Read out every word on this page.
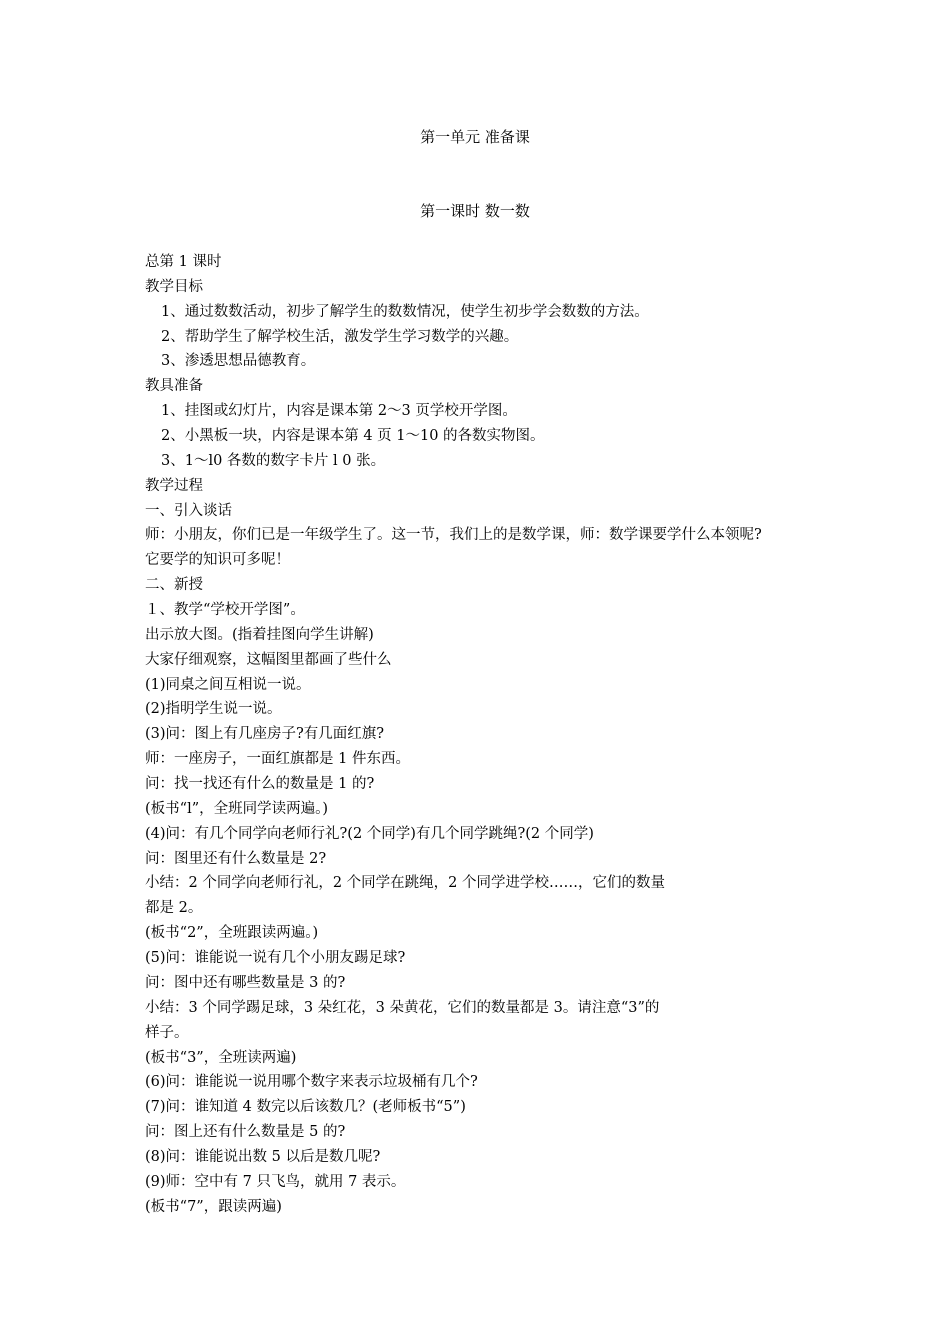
第一单元 准备课
第一课时 数一数
总第 1 课时
教学目标
1、通过数数活动，初步了解学生的数数情况，使学生初步学会数数的方法。
2、帮助学生了解学校生活，激发学生学习数学的兴趣。
3、渗透思想品德教育。
教具准备
1、挂图或幻灯片，内容是课本第 2～3 页学校开学图。
2、小黑板一块，内容是课本第 4 页 1～10 的各数实物图。
3、1～l0 各数的数字卡片 l 0 张。
教学过程
一、引入谈话
师：小朋友，你们已是一年级学生了。这一节，我们上的是数学课，师：数学课要学什么本领呢?
它要学的知识可多呢！
二、新授
１、教学“学校开学图”。
出示放大图。(指着挂图向学生讲解)
大家仔细观察，这幅图里都画了些什么
(1)同桌之间互相说一说。
(2)指明学生说一说。
(3)问：图上有几座房子?有几面红旗?
师：一座房子，一面红旗都是 1 件东西。
问：找一找还有什么的数量是 1 的?
(板书“l”，全班同学读两遍。)
(4)问：有几个同学向老师行礼?(2 个同学)有几个同学跳绳?(2 个同学)
问：图里还有什么数量是 2?
小结：2 个同学向老师行礼，2 个同学在跳绳，2 个同学进学校……，它们的数量
都是 2。
(板书“2”，全班跟读两遍。)
(5)问：谁能说一说有几个小朋友踢足球?
问：图中还有哪些数量是 3 的?
小结：3 个同学踢足球，3 朵红花，3 朵黄花，它们的数量都是 3。请注意“3”的
样子。
(板书“3”，全班读两遍)
(6)问：谁能说一说用哪个数字来表示垃圾桶有几个?
(7)问：谁知道 4 数完以后该数几？(老师板书“5”)
问：图上还有什么数量是 5 的?
(8)问：谁能说出数 5 以后是数几呢?
(9)师：空中有 7 只飞鸟，就用 7 表示。
(板书“7”，跟读两遍)
